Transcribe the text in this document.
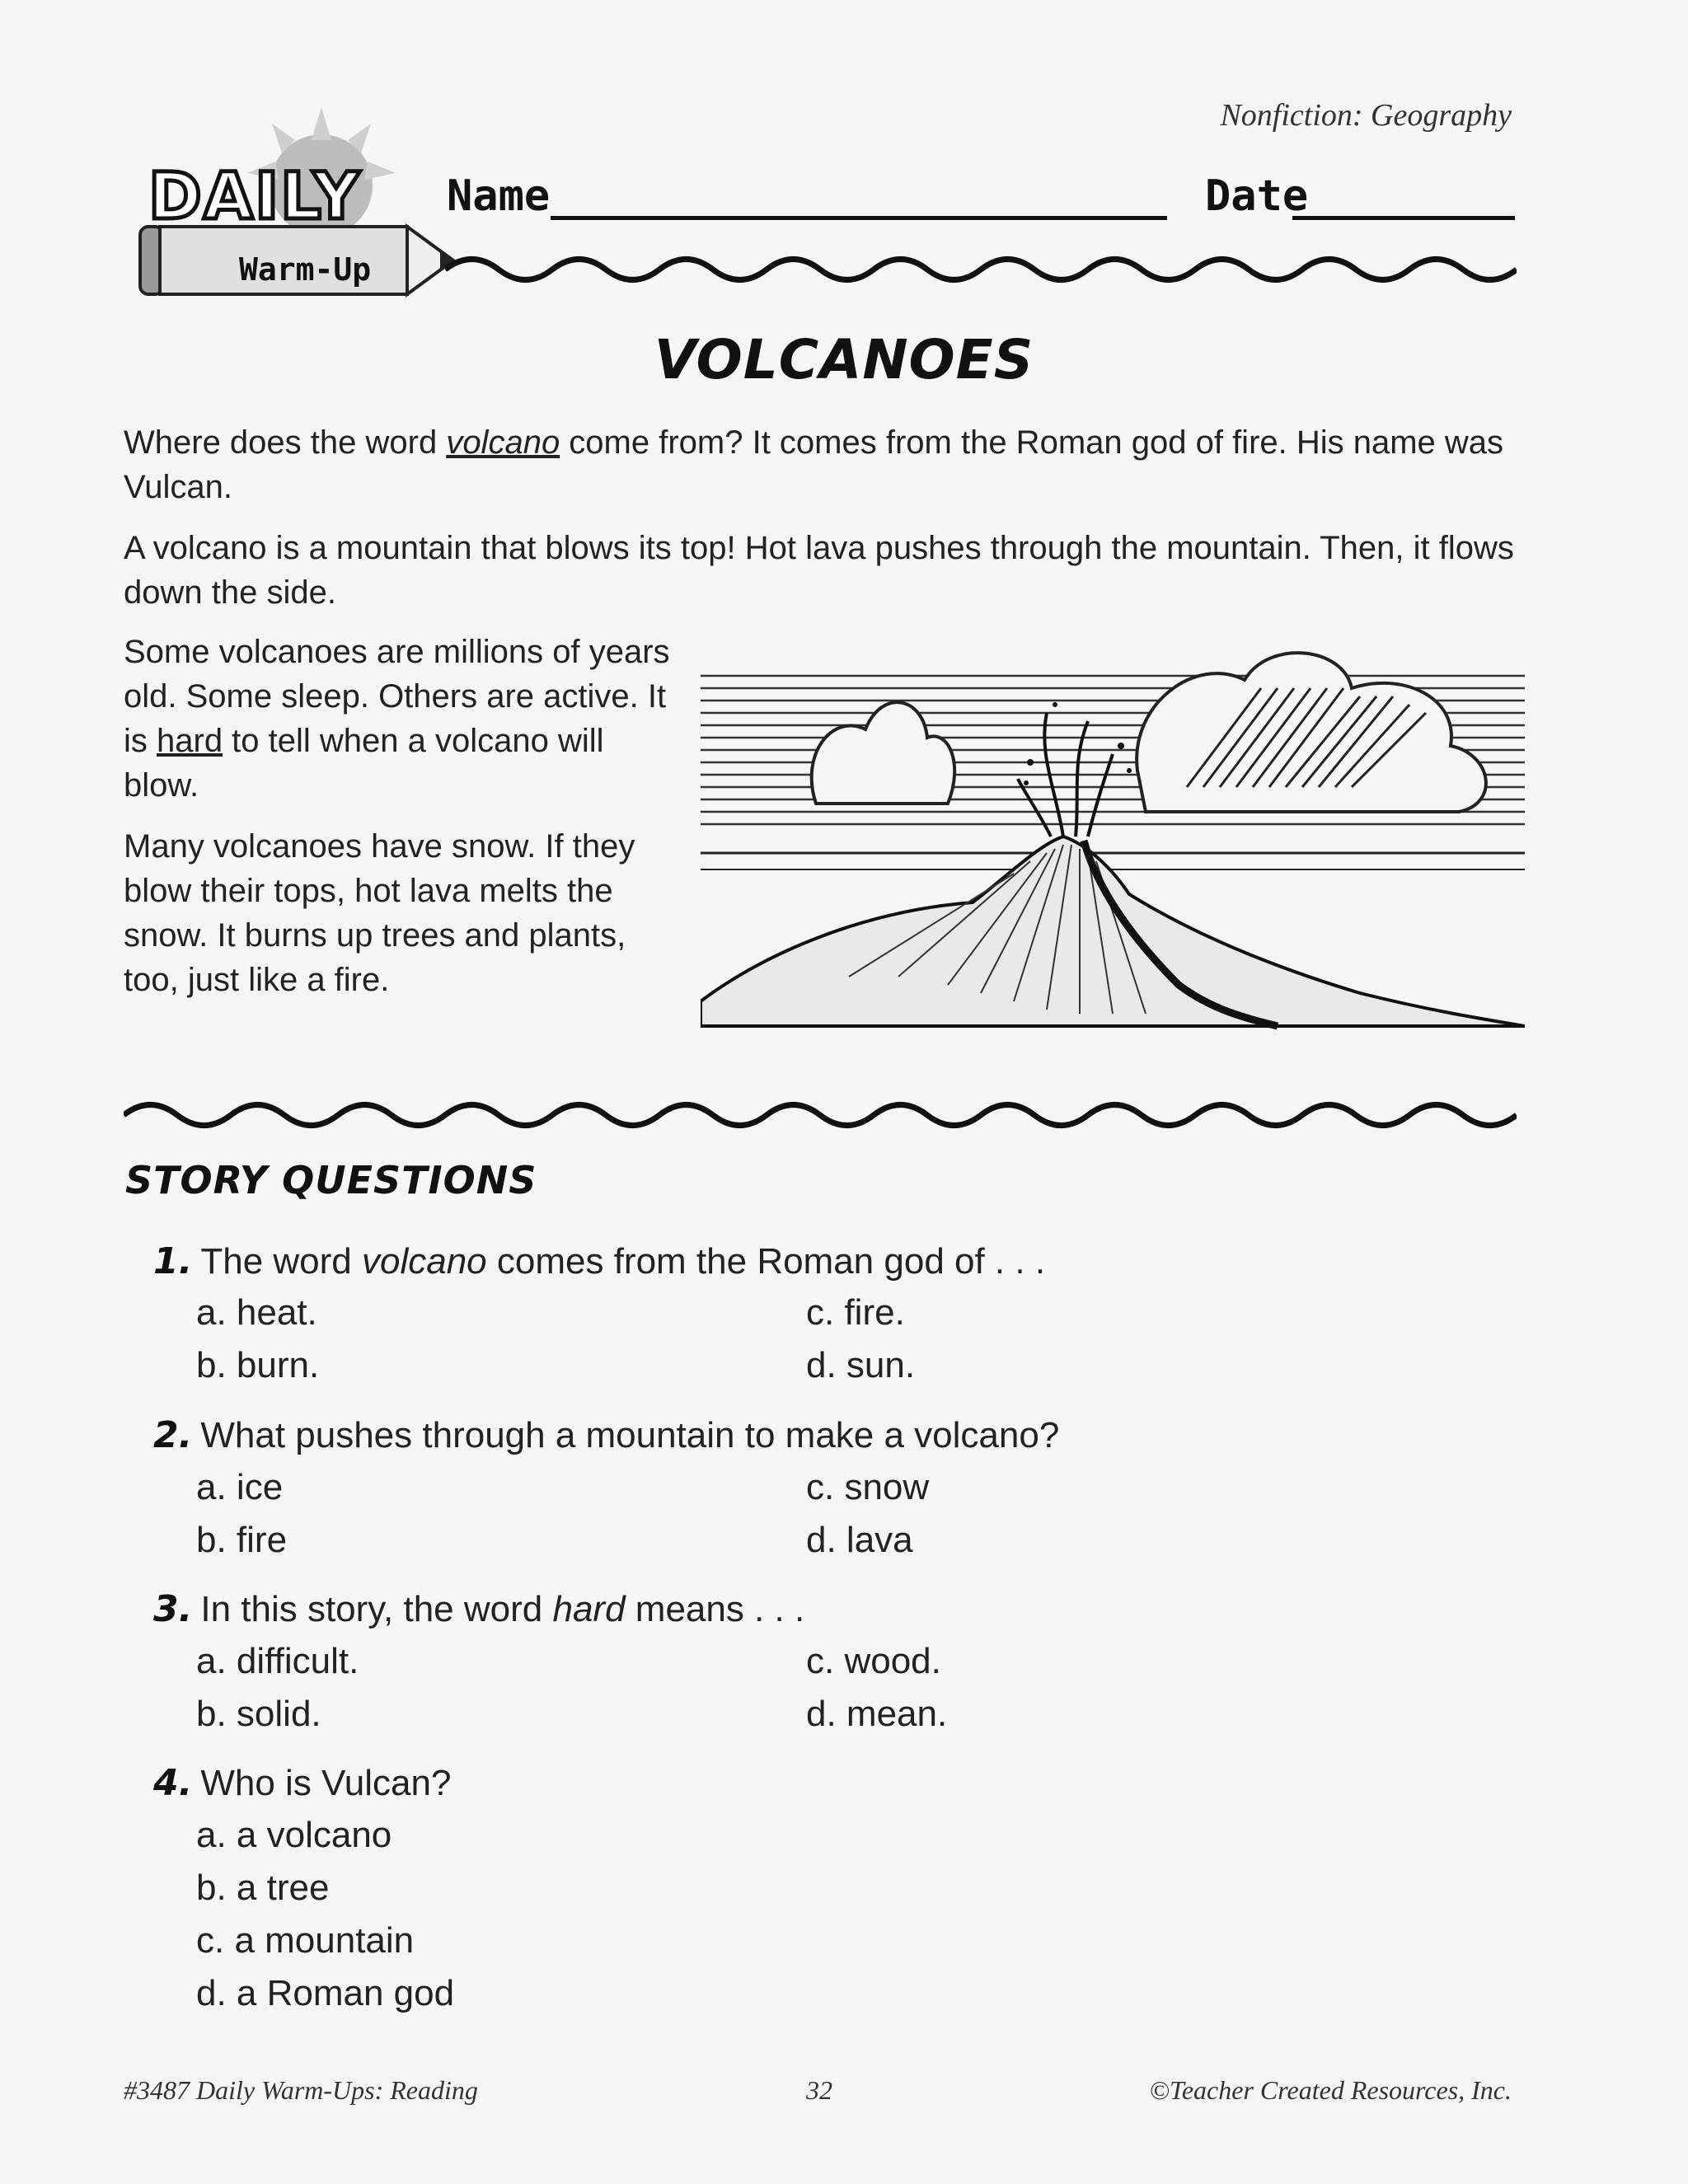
Nonfiction: Geography
DAILY
Warm-Up
Name	Date
VOLCANOES

Where does the word volcano come from? It comes from the Roman god of fire. His name was Vulcan.

A volcano is a mountain that blows its top! Hot lava pushes through the mountain. Then, it flows down the side.

Some volcanoes are millions of years old. Some sleep. Others are active. It is hard to tell when a volcano will blow.

Many volcanoes have snow. If they blow their tops, hot lava melts the snow. It burns up trees and plants, too, just like a fire.

STORY QUESTIONS
1. The word volcano comes from the Roman god of . . .
a. heat.
b. burn.
c. fire.
d. sun.
2. What pushes through a mountain to make a volcano?
a. ice
b. fire
c. snow
d. lava
3. In this story, the word hard means . . .
a. difficult.
b. solid.
c. wood.
d. mean.
4. Who is Vulcan?
a. a volcano
b. a tree
c. a mountain
d. a Roman god
#3487 Daily Warm-Ups: Reading	32	©Teacher Created Resources, Inc.
